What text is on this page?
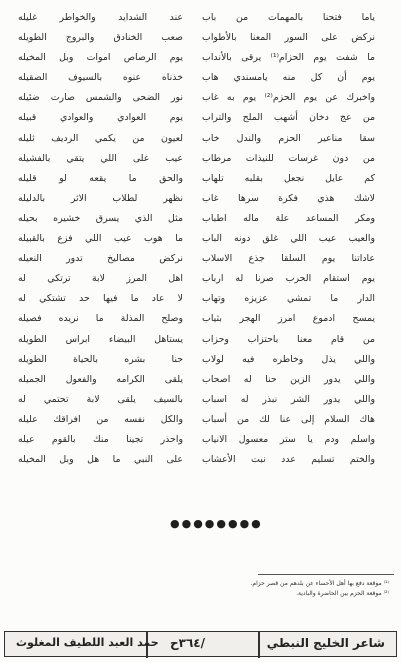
ياما فتحنا بالمهمات من باب
نركض على السور المعنا بالأطواب
ما شفت يوم الحزام⁽¹⁾ يرقى بالأنداب
يوم أن كل منه يامسندي هاب
واخبرك عن يوم الحزم⁽²⁾ يوم به غاب
من عج دخان أشهب الملح والتراب
سقا مناعير الحزم والندل خاب
من دون غرسات للنيذات مرطاب
كم عايل نجعل بقلبه تلهاب
لاشك هذي فكرة سرها غاب
ومكر المساعد علة ماله اطباب
والعيب عيب اللي غلق دونه الباب
عاداتنا يوم السلقا جذع الاسلاب
يوم استقام الحرب صرنا له ارباب
الدار ما تمشي عزيزه وتهاب
يمسح ادموع امرز الهجر بثياب
من قام معنا باحتزاب وحزاب
واللي يذل وخاطره فيه لولاب
واللي يدور الزين حنا له اصحاب
واللي يدور الشر نبذر له اسباب
هاك السلام إلى عنا لك من أسباب
واسلم ودم يا ستر معسول الانياب
والختم تسليم عدد نبت الأعشاب
عند الشدايد والخواطر غليله
صعب الخنادق والبروج الطويله
يوم الرصاص اموات وبل المخيله
خذناه عنوه بالسيوف الصقيله
نور الضحى والشمس صارت ضئيله
يوم العوادي والعوادي قبيله
لعيون من يكمي الرديف ثليله
عيب على اللي يتقي بالفشيله
والحق ما يقعه لو قليله
نظهر لطلاب الاثر بالدليله
مثل الذي يسرق خشيره بحيله
ما هوب عيب اللي فزع بالقبيله
نركض مصاليخ تدور النعيله
اهل المرز لابة ترتكي له
لا عاد ما فيها حد تشتكي له
وصلح المذلة ما نريده فصيله
يستاهل البيضاء ابراس الطويله
حنا بشره بالحياة الطويله
يلقى الكرامه والفعول الجميله
بالسيف يلقى لابة تحتمي له
والكل نفسه من افراقك عليله
واحذر تجينا منك بالقوم عيله
على النبي ما هل وبل المخيله
●●●●●●●●
⁽¹⁾ موقعة دفع بها أهل الأحساء عن بلدهم من قصر حزام.
⁽²⁾ موقعة الحزم بين الحاضرة والبادية.
شاعر الخليج النبطي
/٣٦٤ح
حمد العبد اللطيف المغلوث
